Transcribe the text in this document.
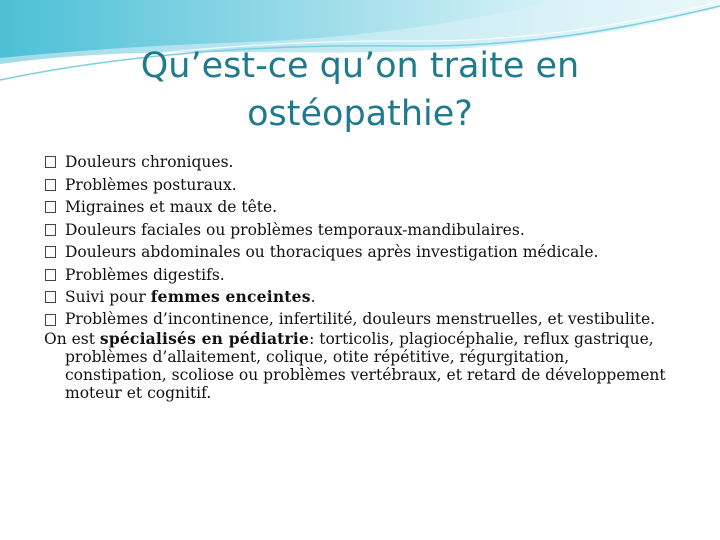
Qu’est-ce qu’on traite en
ostéopathie?
Douleurs chroniques.
Problèmes posturaux.
Migraines et maux de tête.
Douleurs faciales ou problèmes temporaux-mandibulaires.
Douleurs abdominales ou thoraciques après investigation médicale.
Problèmes digestifs.
Suivi pour femmes enceintes.
Problèmes d’incontinence, infertilité, douleurs menstruelles, et vestibulite.

On est spécialisés en pédiatrie: torticolis, plagiocéphalie, reflux gastrique, problèmes d’allaitement, colique, otite répétitive, régurgitation, constipation, scoliose ou problèmes vertébraux, et retard de développement moteur et cognitif.
